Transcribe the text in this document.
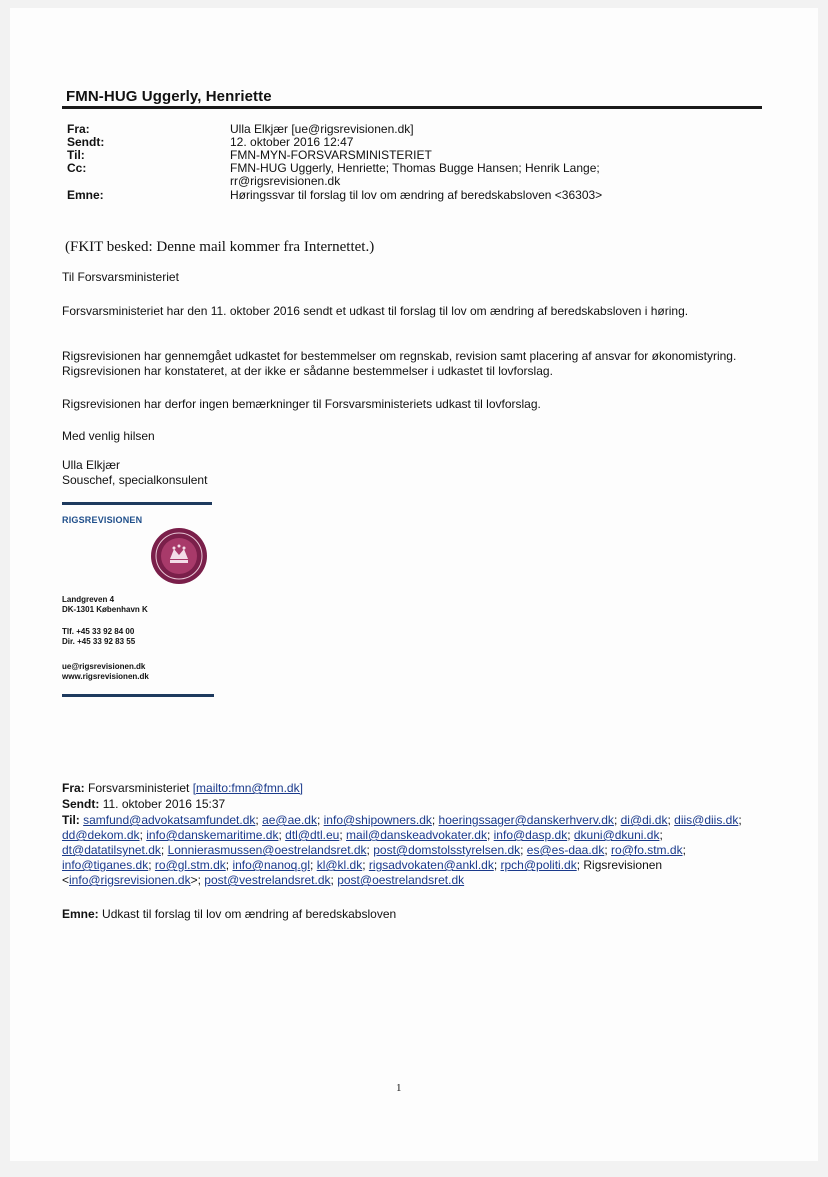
FMN-HUG Uggerly, Henriette
Fra:	Ulla Elkjær [ue@rigsrevisionen.dk]
Sendt:	12. oktober 2016 12:47
Til:	FMN-MYN-FORSVARSMINISTERIET
Cc:	FMN-HUG Uggerly, Henriette; Thomas Bugge Hansen; Henrik Lange;
rr@rigsrevisionen.dk
Emne:	Høringssvar til forslag til lov om ændring af beredskabsloven <36303>
(FKIT besked: Denne mail kommer fra Internettet.)
Til Forsvarsministeriet
Forsvarsministeriet har den 11. oktober 2016 sendt et udkast til forslag til lov om ændring af beredskabsloven i høring.
Rigsrevisionen har gennemgået udkastet for bestemmelser om regnskab, revision samt placering af ansvar for økonomistyring. Rigsrevisionen har konstateret, at der ikke er sådanne bestemmelser i udkastet til lovforslag.
Rigsrevisionen har derfor ingen bemærkninger til Forsvarsministeriets udkast til lovforslag.
Med venlig hilsen
Ulla Elkjær
Souschef, specialkonsulent
RIGSREVISIONEN
Landgreven 4
DK-1301 København K
Tlf. +45 33 92 84 00
Dir. +45 33 92 83 55
ue@rigsrevisionen.dk
www.rigsrevisionen.dk
Fra: Forsvarsministeriet [mailto:fmn@fmn.dk]
Sendt: 11. oktober 2016 15:37
Til: samfund@advokatsamfundet.dk; ae@ae.dk; info@shipowners.dk; hoeringssager@danskerhverv.dk; di@di.dk; diis@diis.dk; dd@dekom.dk; info@danskemaritime.dk; dtl@dtl.eu; mail@danskeadvokater.dk; info@dasp.dk; dkuni@dkuni.dk; dt@datatilsynet.dk; Lonnierasmussen@oestrelandsret.dk; post@domstolsstyrelsen.dk; es@es-daa.dk; ro@fo.stm.dk; info@tiganes.dk; ro@gl.stm.dk; info@nanoq.gl; kl@kl.dk; rigsadvokaten@ankl.dk; rpch@politi.dk; Rigsrevisionen <info@rigsrevisionen.dk>; post@vestrelandsret.dk; post@oestrelandsret.dk
Emne: Udkast til forslag til lov om ændring af beredskabsloven
1
